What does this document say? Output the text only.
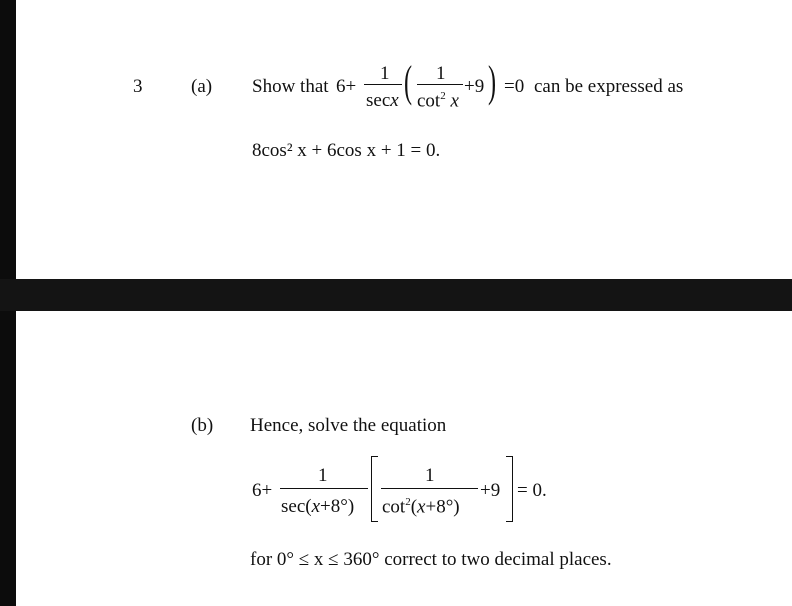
3	(a) Show that 6+
1
secx ( 1
$\cot^2 x$
+9 ) =0 can be expressed as
8cos² x + 6cos x + 1 = 0.
(b) Hence, solve the equation
6+
1
sec(x+8°)
1
$\cot^2(x+8^\circ)$
+9 = 0.
for 0° ≤ x ≤ 360° correct to two decimal places.
